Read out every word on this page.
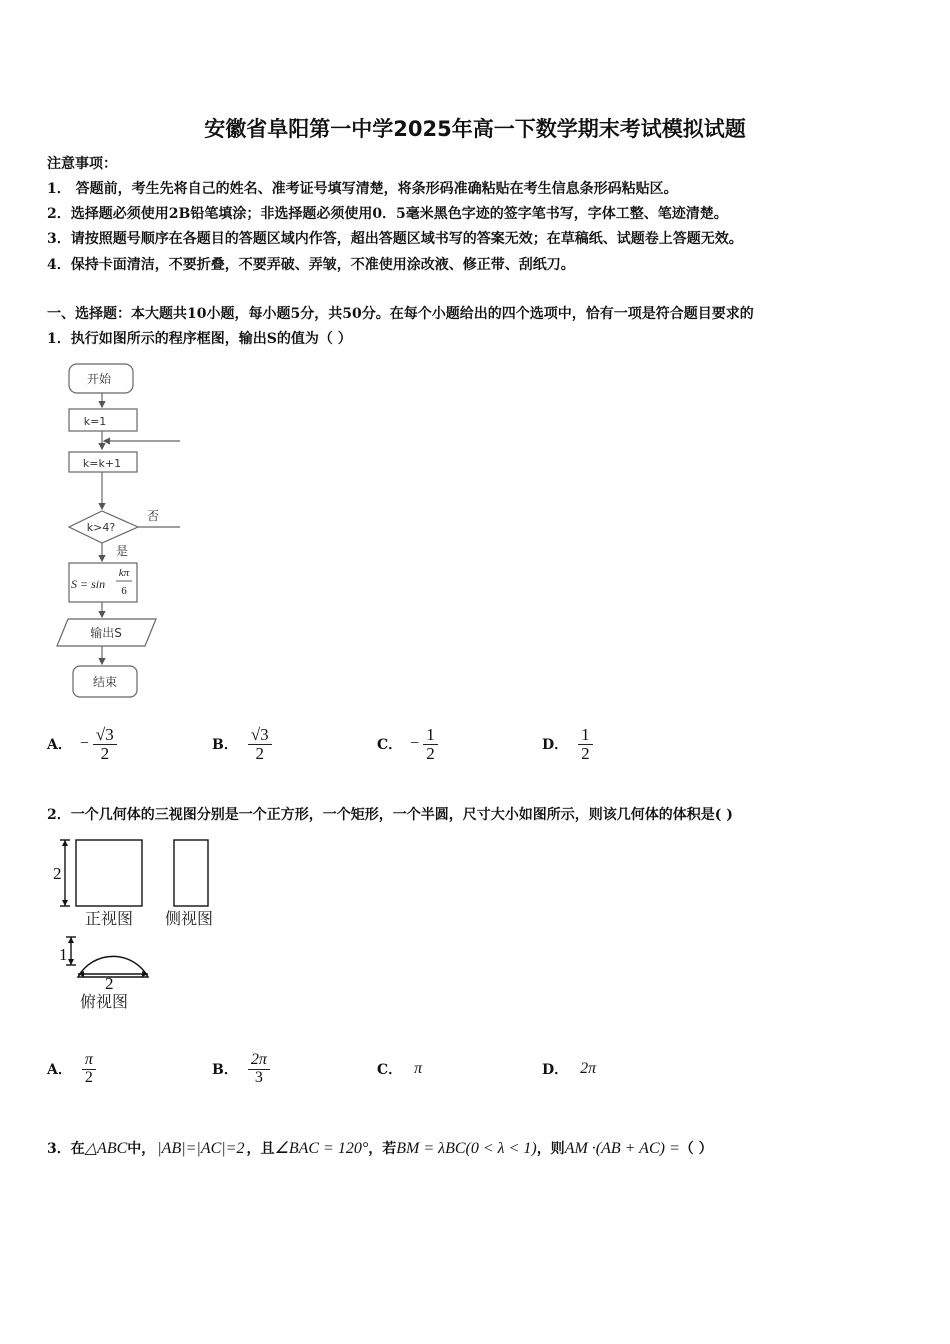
安徽省阜阳第一中学2025年高一下数学期末考试模拟试题
注意事项：
1． 答题前，考生先将自己的姓名、准考证号填写清楚，将条形码准确粘贴在考生信息条形码粘贴区。
2．选择题必须使用2B铅笔填涂；非选择题必须使用0．5毫米黑色字迹的签字笔书写，字体工整、笔迹清楚。
3．请按照题号顺序在各题目的答题区域内作答，超出答题区域书写的答案无效；在草稿纸、试题卷上答题无效。
4．保持卡面清洁，不要折叠，不要弄破、弄皱，不准使用涂改液、修正带、刮纸刀。
一、选择题：本大题共10小题，每小题5分，共50分。在每个小题给出的四个选项中，恰有一项是符合题目要求的
1．执行如图所示的程序框图，输出S的值为（ ）
开始
k=1
k=k+1
k>4?
否
是
S = sin
kπ
6
输出S
结束
A． − $\frac{√3}{2}$	B． $\frac{√3}{2}$	C． − $\frac{1}{2}$	D． $\frac{1}{2}$
2．一个几何体的三视图分别是一个正方形，一个矩形，一个半圆，尺寸大小如图所示，则该几何体的体积是( )
2
1
2
正视图 侧视图
俯视图
A． $\frac{\pi}{2}$	B． $\frac{2\pi}{3}$	C． π	D． 2π
3． 在 △ABC 中， |AB|=|AC|=2 ，且 ∠BAC = 120° ，若 BM = λBC(0 < λ < 1) ，则 AM ·(AB + AC) = （ ）
